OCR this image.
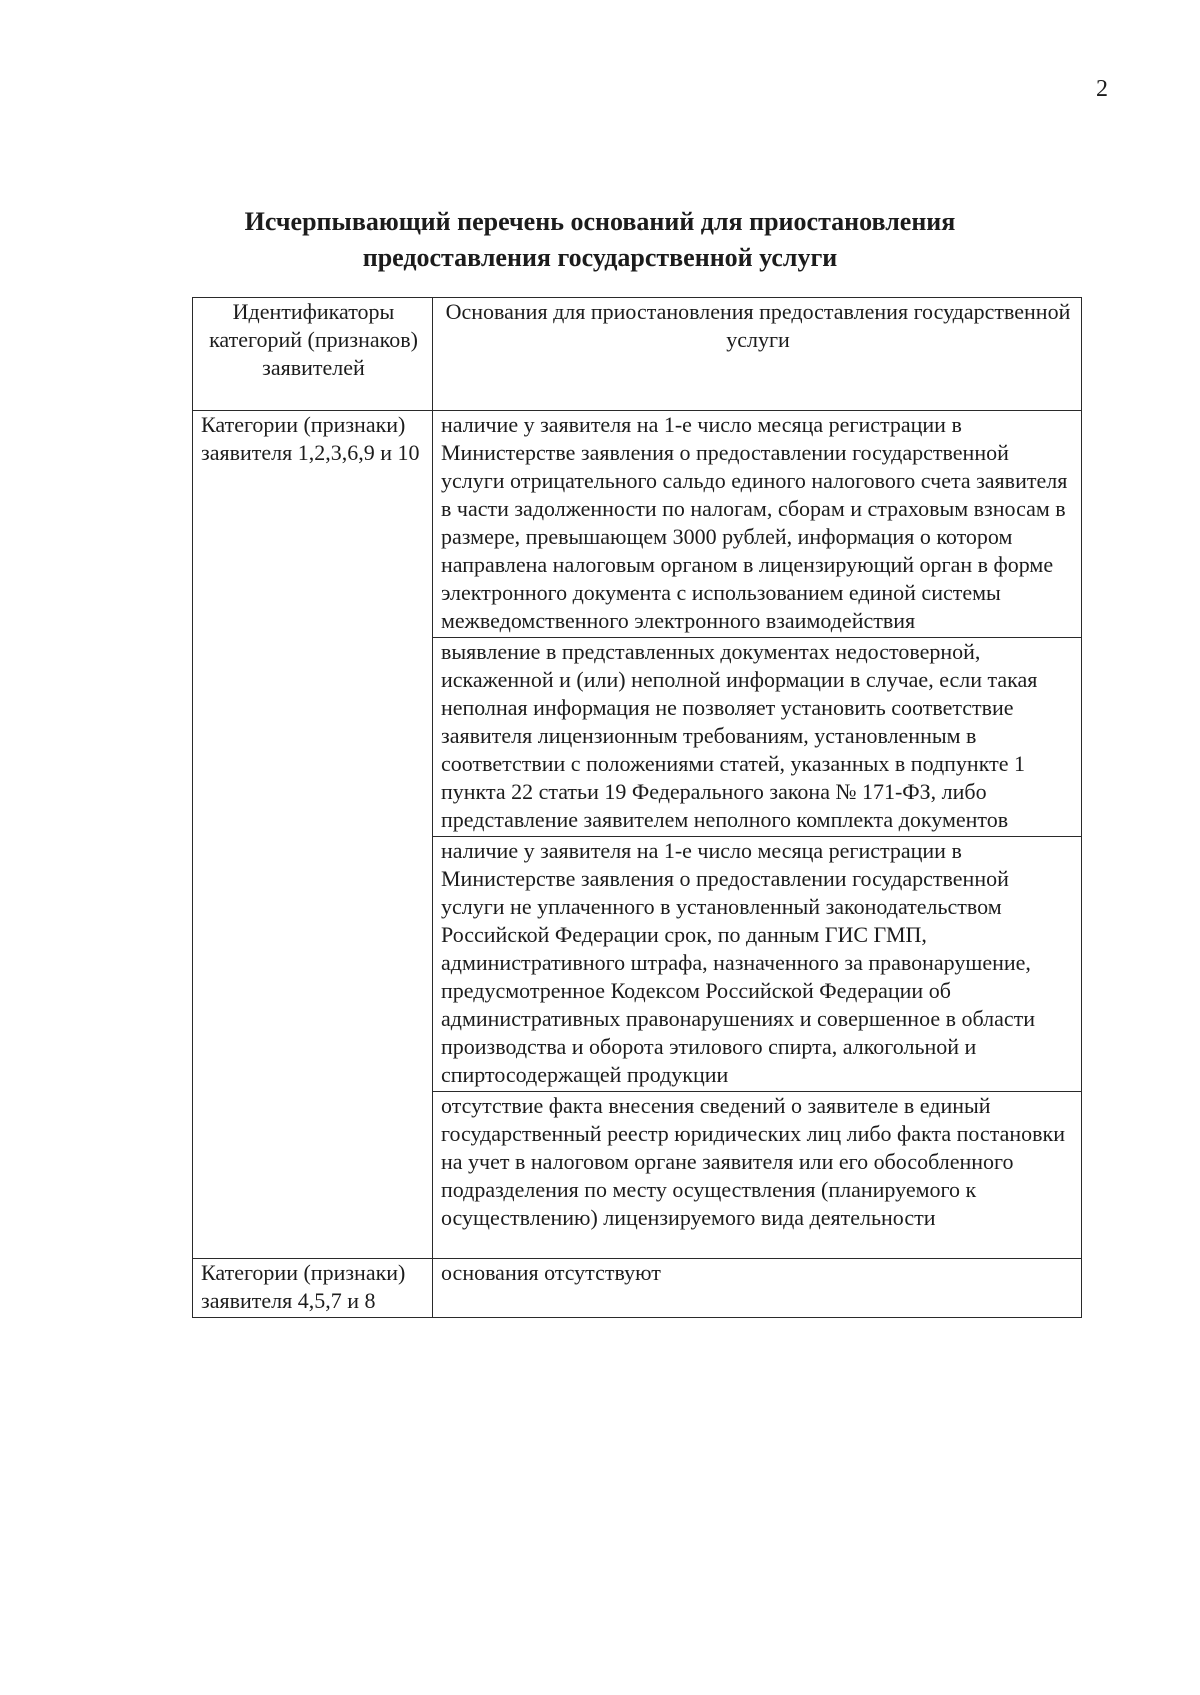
2
Исчерпывающий перечень оснований для приостановления
предоставления государственной услуги
Идентификаторы категорий (признаков) заявителей	Основания для приостановления предоставления государственной услуги
Категории (признаки) заявителя 1,2,3,6,9 и 10	наличие у заявителя на 1-е число месяца регистрации в Министерстве заявления о предоставлении государственной услуги отрицательного сальдо единого налогового счета заявителя в части задолженности по налогам, сборам и страховым взносам в размере, превышающем 3000 рублей, информация о котором направлена налоговым органом в лицензирующий орган в форме электронного документа с использованием единой системы межведомственного электронного взаимодействия
	выявление в представленных документах недостоверной, искаженной и (или) неполной информации в случае, если такая неполная информация не позволяет установить соответствие заявителя лицензионным требованиям, установленным в соответствии с положениями статей, указанных в подпункте 1 пункта 22 статьи 19 Федерального закона № 171-ФЗ, либо представление заявителем неполного комплекта документов
	наличие у заявителя на 1-е число месяца регистрации в Министерстве заявления о предоставлении государственной услуги не уплаченного в установленный законодательством Российской Федерации срок, по данным ГИС ГМП, административного штрафа, назначенного за правонарушение, предусмотренное Кодексом Российской Федерации об административных правонарушениях и совершенное в области производства и оборота этилового спирта, алкогольной и спиртосодержащей продукции
	отсутствие факта внесения сведений о заявителе в единый государственный реестр юридических лиц либо факта постановки на учет в налоговом органе заявителя или его обособленного подразделения по месту осуществления (планируемого к осуществлению) лицензируемого вида деятельности
Категории (признаки) заявителя 4,5,7 и 8	основания отсутствуют
